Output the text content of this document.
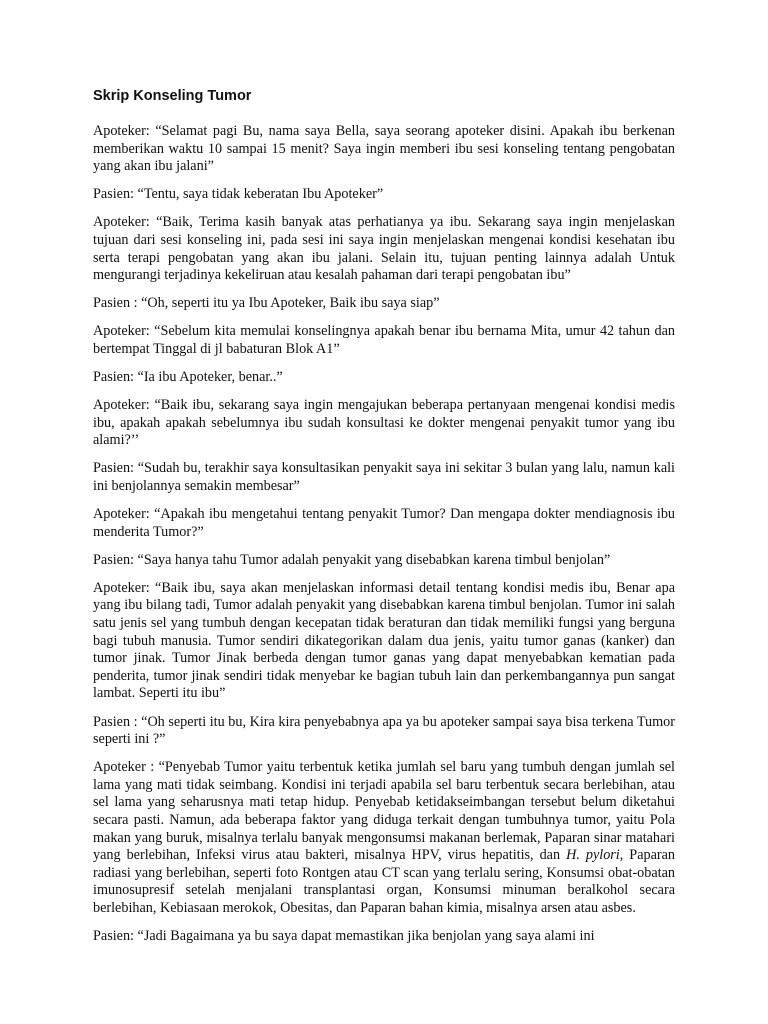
Skrip Konseling Tumor

Apoteker: “Selamat pagi Bu, nama saya Bella, saya seorang apoteker disini. Apakah ibu berkenan memberikan waktu 10 sampai 15 menit? Saya ingin memberi ibu sesi konseling tentang pengobatan yang akan ibu jalani”

Pasien: “Tentu, saya tidak keberatan Ibu Apoteker”

Apoteker: “Baik, Terima kasih banyak atas perhatianya ya ibu. Sekarang saya ingin menjelaskan tujuan dari sesi konseling ini, pada sesi ini saya ingin menjelaskan mengenai kondisi kesehatan ibu serta terapi pengobatan yang akan ibu jalani. Selain itu, tujuan penting lainnya adalah Untuk mengurangi terjadinya kekeliruan atau kesalah pahaman dari terapi pengobatan ibu”

Pasien : “Oh, seperti itu ya Ibu Apoteker, Baik ibu saya siap”

Apoteker: “Sebelum kita memulai konselingnya apakah benar ibu bernama Mita, umur 42 tahun dan bertempat Tinggal di jl babaturan Blok A1”

Pasien: “Ia ibu Apoteker, benar..”

Apoteker: “Baik ibu, sekarang saya ingin mengajukan beberapa pertanyaan mengenai kondisi medis ibu, apakah apakah sebelumnya ibu sudah konsultasi ke dokter mengenai penyakit tumor yang ibu alami?’’

Pasien: “Sudah bu, terakhir saya konsultasikan penyakit saya ini sekitar 3 bulan yang lalu, namun kali ini benjolannya semakin membesar”

Apoteker: “Apakah ibu mengetahui tentang penyakit Tumor? Dan mengapa dokter mendiagnosis ibu menderita Tumor?”

Pasien: “Saya hanya tahu Tumor adalah penyakit yang disebabkan karena timbul benjolan”

Apoteker: “Baik ibu, saya akan menjelaskan informasi detail tentang kondisi medis ibu, Benar apa yang ibu bilang tadi, Tumor adalah penyakit yang disebabkan karena timbul benjolan. Tumor ini salah satu jenis sel yang tumbuh dengan kecepatan tidak beraturan dan tidak memiliki fungsi yang berguna bagi tubuh manusia. Tumor sendiri dikategorikan dalam dua jenis, yaitu tumor ganas (kanker) dan tumor jinak. Tumor Jinak berbeda dengan tumor ganas yang dapat menyebabkan kematian pada penderita, tumor jinak sendiri tidak menyebar ke bagian tubuh lain dan perkembangannya pun sangat lambat. Seperti itu ibu”

Pasien : “Oh seperti itu bu, Kira kira penyebabnya apa ya bu apoteker sampai saya bisa terkena Tumor seperti ini ?”

Apoteker : “Penyebab Tumor yaitu terbentuk ketika jumlah sel baru yang tumbuh dengan jumlah sel lama yang mati tidak seimbang. Kondisi ini terjadi apabila sel baru terbentuk secara berlebihan, atau sel lama yang seharusnya mati tetap hidup. Penyebab ketidakseimbangan tersebut belum diketahui secara pasti. Namun, ada beberapa faktor yang diduga terkait dengan tumbuhnya tumor, yaitu Pola makan yang buruk, misalnya terlalu banyak mengonsumsi makanan berlemak, Paparan sinar matahari yang berlebihan, Infeksi virus atau bakteri, misalnya HPV, virus hepatitis, dan H. pylori, Paparan radiasi yang berlebihan, seperti foto Rontgen atau CT scan yang terlalu sering, Konsumsi obat-obatan imunosupresif setelah menjalani transplantasi organ, Konsumsi minuman beralkohol secara berlebihan, Kebiasaan merokok, Obesitas, dan Paparan bahan kimia, misalnya arsen atau asbes.

Pasien: “Jadi Bagaimana ya bu saya dapat memastikan jika benjolan yang saya alami ini
